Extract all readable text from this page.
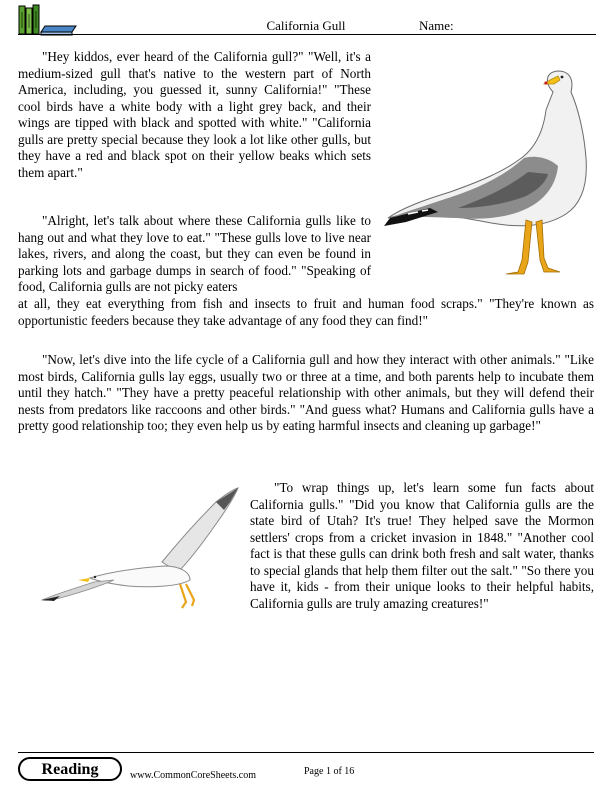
California Gull	Name:

"Hey kiddos, ever heard of the California gull?" "Well, it's a medium-sized gull that's native to the western part of North America, including, you guessed it, sunny California!" "These cool birds have a white body with a light grey back, and their wings are tipped with black and spotted with white." "California gulls are pretty special because they look a lot like other gulls, but they have a red and black spot on their yellow beaks which sets them apart."

"Alright, let's talk about where these California gulls like to hang out and what they love to eat." "These gulls love to live near lakes, rivers, and along the coast, but they can even be found in parking lots and garbage dumps in search of food." "Speaking of food, California gulls are not picky eaters

at all, they eat everything from fish and insects to fruit and human food scraps." "They're known as opportunistic feeders because they take advantage of any food they can find!"

"Now, let's dive into the life cycle of a California gull and how they interact with other animals." "Like most birds, California gulls lay eggs, usually two or three at a time, and both parents help to incubate them until they hatch." "They have a pretty peaceful relationship with other animals, but they will defend their nests from predators like raccoons and other birds." "And guess what? Humans and California gulls have a pretty good relationship too; they even help us by eating harmful insects and cleaning up garbage!"

"To wrap things up, let's learn some fun facts about California gulls." "Did you know that California gulls are the state bird of Utah? It's true! They helped save the Mormon settlers' crops from a cricket invasion in 1848." "Another cool fact is that these gulls can drink both fresh and salt water, thanks to special glands that help them filter out the salt." "So there you have it, kids - from their unique looks to their helpful habits, California gulls are truly amazing creatures!"

Reading	www.CommonCoreSheets.com	Page 1 of 16
